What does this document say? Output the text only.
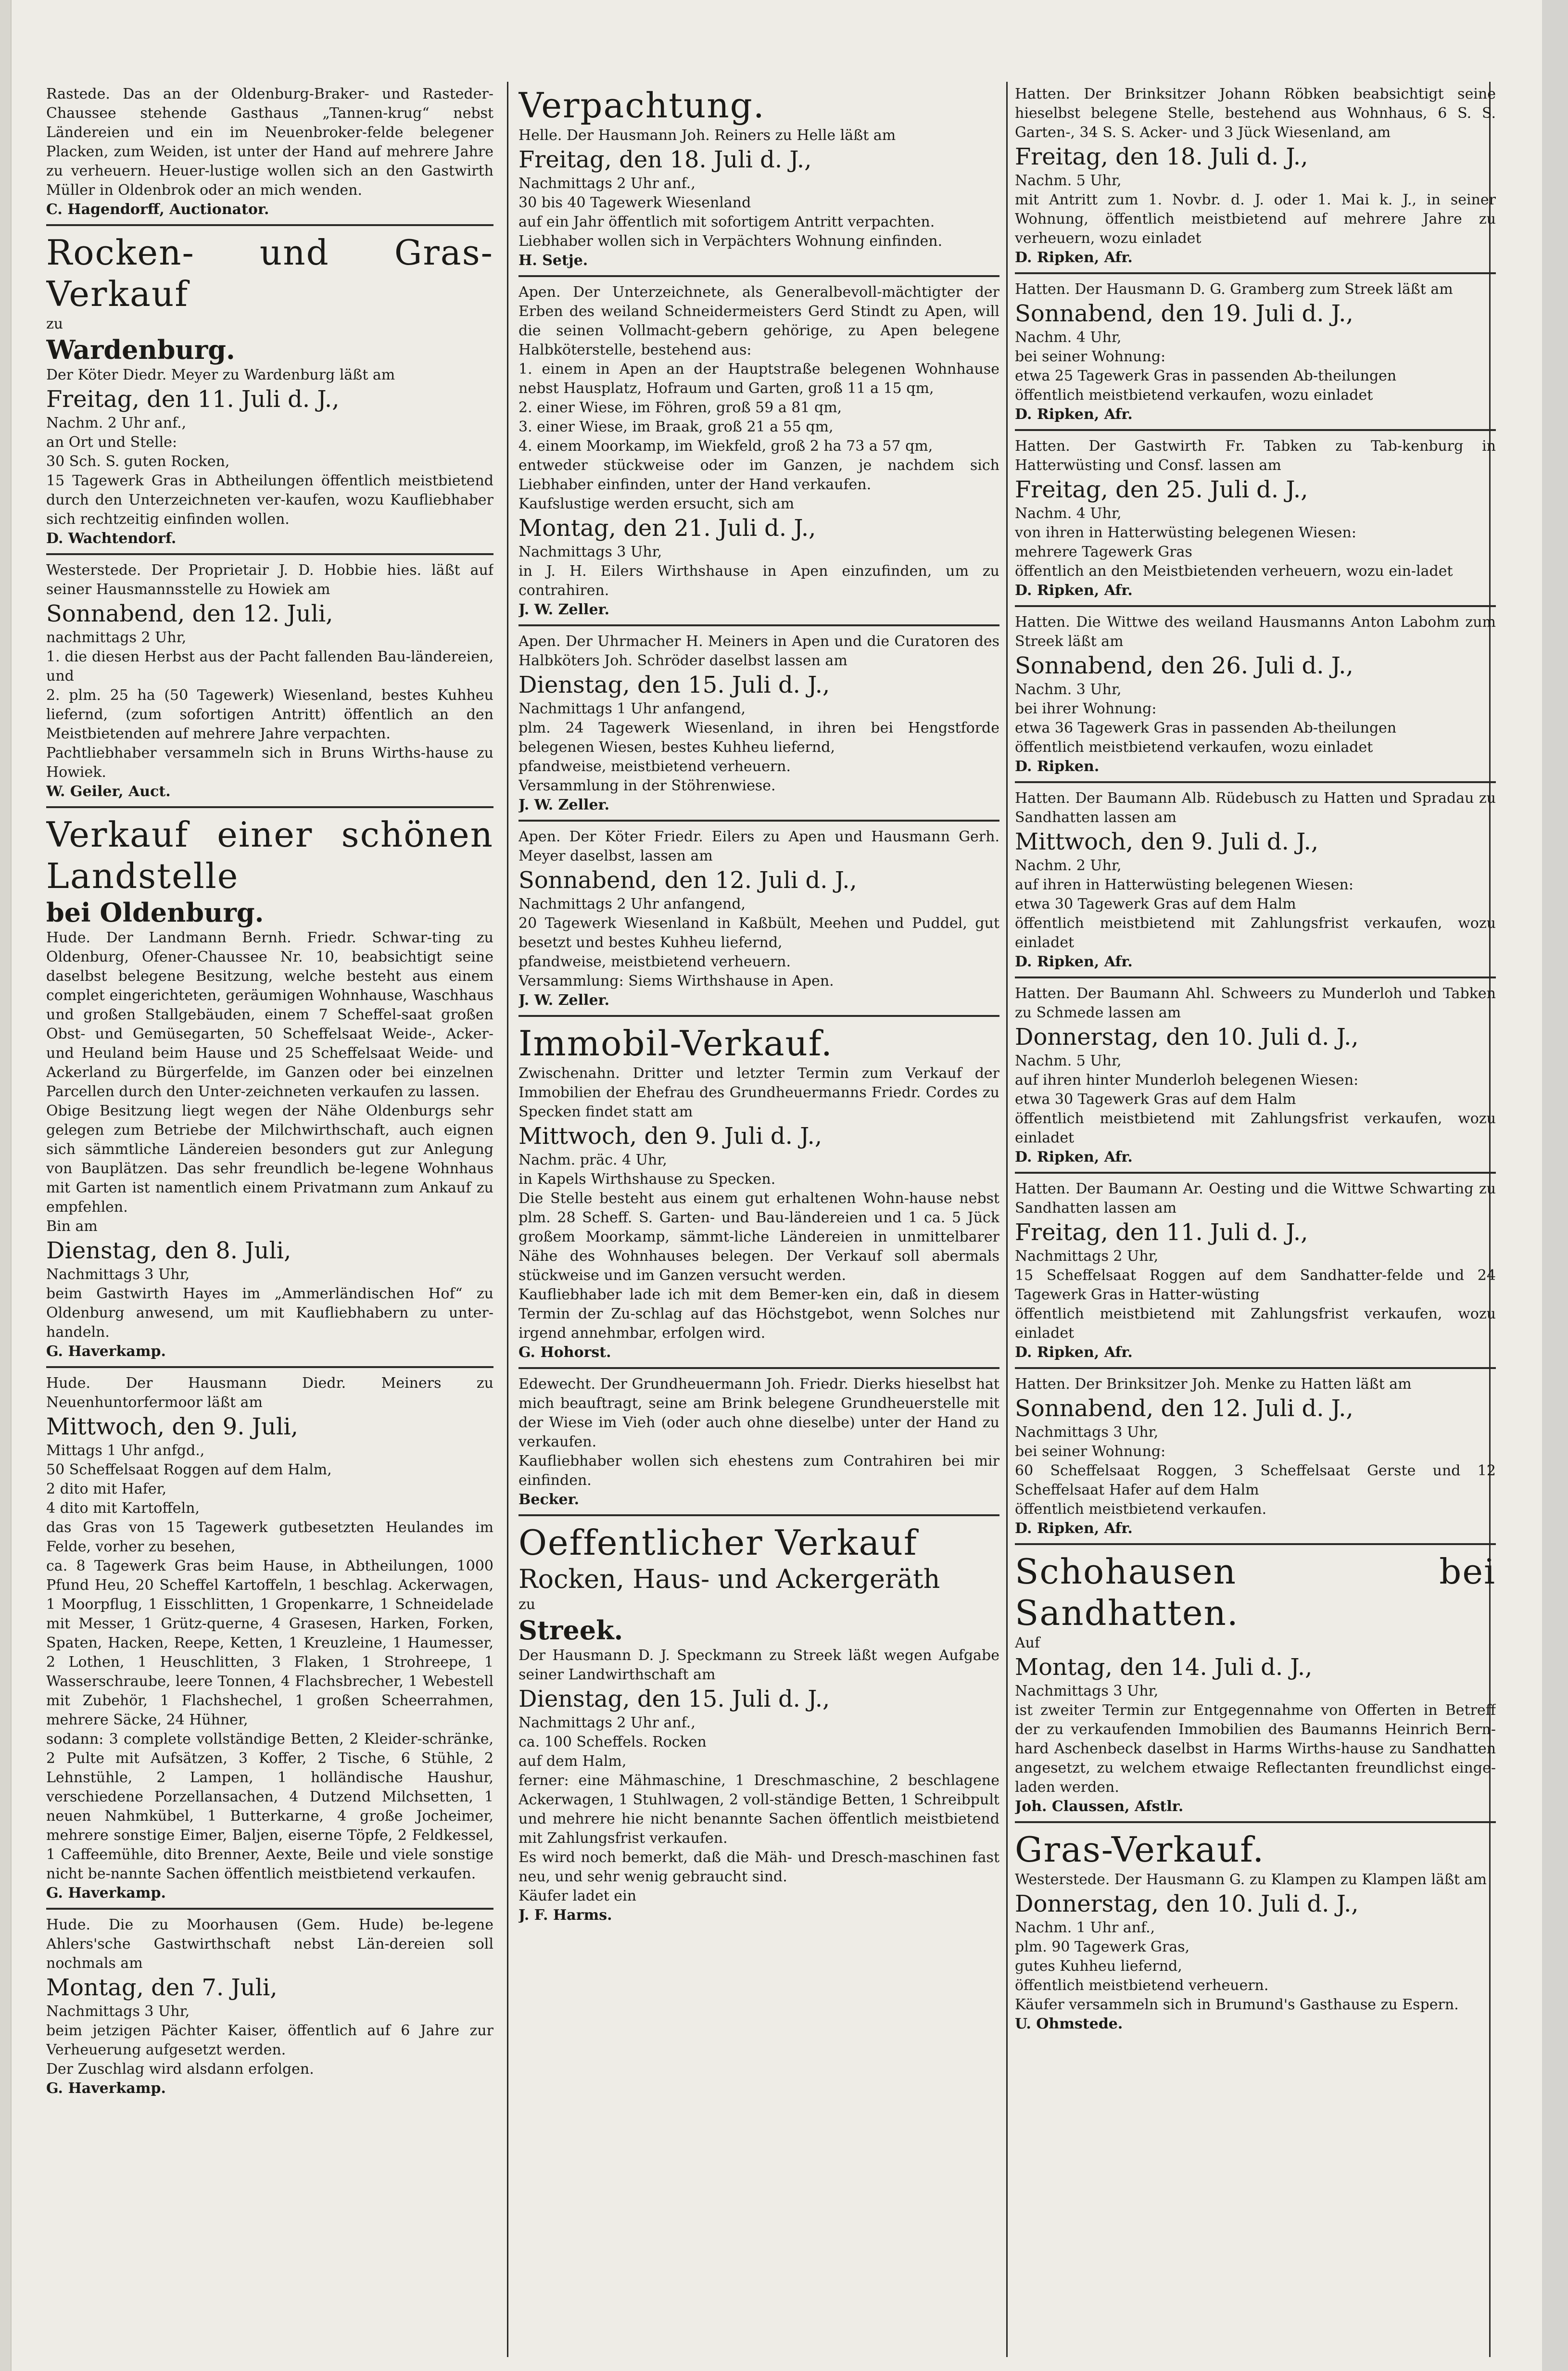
Rastede. Das an der Oldenburg-Braker- und Rasteder-Chaussee stehende Gasthaus „Tannen-krug“ nebst Ländereien und ein im Neuenbroker-felde belegener Placken, zum Weiden, ist unter der Hand auf mehrere Jahre zu verheuern. Heuer-lustige wollen sich an den Gastwirth Müller in Oldenbrok oder an mich wenden.

C. Hagendorff, Auctionator.

Rocken- und Gras-Verkauf

zu

Wardenburg.

Der Köter Diedr. Meyer zu Wardenburg läßt am

Freitag, den 11. Juli d. J.,

Nachm. 2 Uhr anf.,

an Ort und Stelle:

30 Sch. S. guten Rocken,

15 Tagewerk Gras in Abtheilungen öffentlich meistbietend durch den Unterzeichneten ver-kaufen, wozu Kaufliebhaber sich rechtzeitig einfinden wollen.

D. Wachtendorf.

Westerstede. Der Proprietair J. D. Hobbie hies. läßt auf seiner Hausmannsstelle zu Howiek am

Sonnabend, den 12. Juli,

nachmittags 2 Uhr,

1. die diesen Herbst aus der Pacht fallenden Bau-ländereien, und

2. plm. 25 ha (50 Tagewerk) Wiesenland, bestes Kuhheu liefernd, (zum sofortigen Antritt) öffentlich an den Meistbietenden auf mehrere Jahre verpachten.

Pachtliebhaber versammeln sich in Bruns Wirths-hause zu Howiek.

W. Geiler, Auct.

Verkauf einer schönen Landstelle

bei Oldenburg.

Hude. Der Landmann Bernh. Friedr. Schwar-ting zu Oldenburg, Ofener-Chaussee Nr. 10, beabsichtigt seine daselbst belegene Besitzung, welche besteht aus einem complet eingerichteten, geräumigen Wohnhause, Waschhaus und großen Stallgebäuden, einem 7 Scheffel-saat großen Obst- und Gemüsegarten, 50 Scheffelsaat Weide-, Acker- und Heuland beim Hause und 25 Scheffelsaat Weide- und Ackerland zu Bürgerfelde, im Ganzen oder bei einzelnen Parcellen durch den Unter-zeichneten verkaufen zu lassen.

Obige Besitzung liegt wegen der Nähe Oldenburgs sehr gelegen zum Betriebe der Milchwirthschaft, auch eignen sich sämmtliche Ländereien besonders gut zur Anlegung von Bauplätzen. Das sehr freundlich be-legene Wohnhaus mit Garten ist namentlich einem Privatmann zum Ankauf zu empfehlen.

Bin am

Dienstag, den 8. Juli,

Nachmittags 3 Uhr,

beim Gastwirth Hayes im „Ammerländischen Hof“ zu Oldenburg anwesend, um mit Kaufliebhabern zu unter-handeln.

G. Haverkamp.

Hude. Der Hausmann Diedr. Meiners zu Neuenhuntorfermoor läßt am

Mittwoch, den 9. Juli,

Mittags 1 Uhr anfgd.,

50 Scheffelsaat Roggen auf dem Halm,

2 dito mit Hafer,

4 dito mit Kartoffeln,

das Gras von 15 Tagewerk gutbesetzten Heulandes im Felde, vorher zu besehen,

ca. 8 Tagewerk Gras beim Hause, in Abtheilungen, 1000 Pfund Heu, 20 Scheffel Kartoffeln, 1 beschlag. Ackerwagen, 1 Moorpflug, 1 Eisschlitten, 1 Gropenkarre, 1 Schneidelade mit Messer, 1 Grütz-querne, 4 Grasesen, Harken, Forken, Spaten, Hacken, Reepe, Ketten, 1 Kreuzleine, 1 Haumesser, 2 Lothen, 1 Heuschlitten, 3 Flaken, 1 Strohreepe, 1 Wasserschraube, leere Tonnen, 4 Flachsbrecher, 1 Webestell mit Zubehör, 1 Flachshechel, 1 großen Scheerrahmen, mehrere Säcke, 24 Hühner,

sodann: 3 complete vollständige Betten, 2 Kleider-schränke, 2 Pulte mit Aufsätzen, 3 Koffer, 2 Tische, 6 Stühle, 2 Lehnstühle, 2 Lampen, 1 holländische Haushur, verschiedene Porzellansachen, 4 Dutzend Milchsetten, 1 neuen Nahmkübel, 1 Butterkarne, 4 große Jocheimer, mehrere sonstige Eimer, Baljen, eiserne Töpfe, 2 Feldkessel, 1 Caffeemühle, dito Brenner, Aexte, Beile und viele sonstige nicht be-nannte Sachen öffentlich meistbietend verkaufen.

G. Haverkamp.

Hude. Die zu Moorhausen (Gem. Hude) be-legene Ahlers'sche Gastwirthschaft nebst Län-dereien soll nochmals am

Montag, den 7. Juli,

Nachmittags 3 Uhr,

beim jetzigen Pächter Kaiser, öffentlich auf 6 Jahre zur Verheuerung aufgesetzt werden.

Der Zuschlag wird alsdann erfolgen.

G. Haverkamp.

Verpachtung.

Helle. Der Hausmann Joh. Reiners zu Helle läßt am

Freitag, den 18. Juli d. J.,

Nachmittags 2 Uhr anf.,

30 bis 40 Tagewerk Wiesenland

auf ein Jahr öffentlich mit sofortigem Antritt verpachten.

Liebhaber wollen sich in Verpächters Wohnung einfinden.

H. Setje.

Apen. Der Unterzeichnete, als Generalbevoll-mächtigter der Erben des weiland Schneidermeisters Gerd Stindt zu Apen, will die seinen Vollmacht-gebern gehörige, zu Apen belegene Halbköterstelle, bestehend aus:

1. einem in Apen an der Hauptstraße belegenen Wohnhause nebst Hausplatz, Hofraum und Garten, groß 11 a 15 qm,

2. einer Wiese, im Föhren, groß 59 a 81 qm,

3. einer Wiese, im Braak, groß 21 a 55 qm,

4. einem Moorkamp, im Wiekfeld, groß 2 ha 73 a 57 qm,

entweder stückweise oder im Ganzen, je nachdem sich Liebhaber einfinden, unter der Hand verkaufen.

Kaufslustige werden ersucht, sich am

Montag, den 21. Juli d. J.,

Nachmittags 3 Uhr,

in J. H. Eilers Wirthshause in Apen einzufinden, um zu contrahiren.

J. W. Zeller.

Apen. Der Uhrmacher H. Meiners in Apen und die Curatoren des Halbköters Joh. Schröder daselbst lassen am

Dienstag, den 15. Juli d. J.,

Nachmittags 1 Uhr anfangend,

plm. 24 Tagewerk Wiesenland, in ihren bei Hengstforde belegenen Wiesen, bestes Kuhheu liefernd,

pfandweise, meistbietend verheuern.

Versammlung in der Stöhrenwiese.

J. W. Zeller.

Apen. Der Köter Friedr. Eilers zu Apen und Hausmann Gerh. Meyer daselbst, lassen am

Sonnabend, den 12. Juli d. J.,

Nachmittags 2 Uhr anfangend,

20 Tagewerk Wiesenland in Kaßbült, Meehen und Puddel, gut besetzt und bestes Kuhheu liefernd,

pfandweise, meistbietend verheuern.

Versammlung: Siems Wirthshause in Apen.

J. W. Zeller.

Immobil-Verkauf.

Zwischenahn. Dritter und letzter Termin zum Verkauf der Immobilien der Ehefrau des Grundheuermanns Friedr. Cordes zu Specken findet statt am

Mittwoch, den 9. Juli d. J.,

Nachm. präc. 4 Uhr,

in Kapels Wirthshause zu Specken.

Die Stelle besteht aus einem gut erhaltenen Wohn-hause nebst plm. 28 Scheff. S. Garten- und Bau-ländereien und 1 ca. 5 Jück großem Moorkamp, sämmt-liche Ländereien in unmittelbarer Nähe des Wohnhauses belegen. Der Verkauf soll abermals stückweise und im Ganzen versucht werden.

Kaufliebhaber lade ich mit dem Bemer-ken ein, daß in diesem Termin der Zu-schlag auf das Höchstgebot, wenn Solches nur irgend annehmbar, erfolgen wird.

G. Hohorst.

Edewecht. Der Grundheuermann Joh. Friedr. Dierks hieselbst hat mich beauftragt, seine am Brink belegene Grundheuerstelle mit der Wiese im Vieh (oder auch ohne dieselbe) unter der Hand zu verkaufen.

Kaufliebhaber wollen sich ehestens zum Contrahiren bei mir einfinden.

Becker.

Oeffentlicher Verkauf

Rocken, Haus- und Ackergeräth

zu

Streek.

Der Hausmann D. J. Speckmann zu Streek läßt wegen Aufgabe seiner Landwirthschaft am

Dienstag, den 15. Juli d. J.,

Nachmittags 2 Uhr anf.,

ca. 100 Scheffels. Rocken

auf dem Halm,

ferner: eine Mähmaschine, 1 Dreschmaschine, 2 beschlagene Ackerwagen, 1 Stuhlwagen, 2 voll-ständige Betten, 1 Schreibpult und mehrere hie nicht benannte Sachen öffentlich meistbietend mit Zahlungsfrist verkaufen.

Es wird noch bemerkt, daß die Mäh- und Dresch-maschinen fast neu, und sehr wenig gebraucht sind.

Käufer ladet ein

J. F. Harms.

Hatten. Der Brinksitzer Johann Röbken beabsichtigt seine hieselbst belegene Stelle, bestehend aus Wohnhaus, 6 S. S. Garten-, 34 S. S. Acker- und 3 Jück Wiesenland, am

Freitag, den 18. Juli d. J.,

Nachm. 5 Uhr,

mit Antritt zum 1. Novbr. d. J. oder 1. Mai k. J., in seiner Wohnung, öffentlich meistbietend auf mehrere Jahre zu verheuern, wozu einladet

D. Ripken, Afr.

Hatten. Der Hausmann D. G. Gramberg zum Streek läßt am

Sonnabend, den 19. Juli d. J.,

Nachm. 4 Uhr,

bei seiner Wohnung:

etwa 25 Tagewerk Gras in passenden Ab-theilungen

öffentlich meistbietend verkaufen, wozu einladet

D. Ripken, Afr.

Hatten. Der Gastwirth Fr. Tabken zu Tab-kenburg in Hatterwüsting und Consf. lassen am

Freitag, den 25. Juli d. J.,

Nachm. 4 Uhr,

von ihren in Hatterwüsting belegenen Wiesen:

mehrere Tagewerk Gras

öffentlich an den Meistbietenden verheuern, wozu ein-ladet

D. Ripken, Afr.

Hatten. Die Wittwe des weiland Hausmanns Anton Labohm zum Streek läßt am

Sonnabend, den 26. Juli d. J.,

Nachm. 3 Uhr,

bei ihrer Wohnung:

etwa 36 Tagewerk Gras in passenden Ab-theilungen

öffentlich meistbietend verkaufen, wozu einladet

D. Ripken.

Hatten. Der Baumann Alb. Rüdebusch zu Hatten und Spradau zu Sandhatten lassen am

Mittwoch, den 9. Juli d. J.,

Nachm. 2 Uhr,

auf ihren in Hatterwüsting belegenen Wiesen:

etwa 30 Tagewerk Gras auf dem Halm

öffentlich meistbietend mit Zahlungsfrist verkaufen, wozu einladet

D. Ripken, Afr.

Hatten. Der Baumann Ahl. Schweers zu Munderloh und Tabken zu Schmede lassen am

Donnerstag, den 10. Juli d. J.,

Nachm. 5 Uhr,

auf ihren hinter Munderloh belegenen Wiesen:

etwa 30 Tagewerk Gras auf dem Halm

öffentlich meistbietend mit Zahlungsfrist verkaufen, wozu einladet

D. Ripken, Afr.

Hatten. Der Baumann Ar. Oesting und die Wittwe Schwarting zu Sandhatten lassen am

Freitag, den 11. Juli d. J.,

Nachmittags 2 Uhr,

15 Scheffelsaat Roggen auf dem Sandhatter-felde und 24 Tagewerk Gras in Hatter-wüsting

öffentlich meistbietend mit Zahlungsfrist verkaufen, wozu einladet

D. Ripken, Afr.

Hatten. Der Brinksitzer Joh. Menke zu Hatten läßt am

Sonnabend, den 12. Juli d. J.,

Nachmittags 3 Uhr,

bei seiner Wohnung:

60 Scheffelsaat Roggen, 3 Scheffelsaat Gerste und 12 Scheffelsaat Hafer auf dem Halm

öffentlich meistbietend verkaufen.

D. Ripken, Afr.

Schohausen bei Sandhatten.

Auf

Montag, den 14. Juli d. J.,

Nachmittags 3 Uhr,

ist zweiter Termin zur Entgegennahme von Offerten in Betreff der zu verkaufenden Immobilien des Baumanns Heinrich Bern-hard Aschenbeck daselbst in Harms Wirths-hause zu Sandhatten angesetzt, zu welchem etwaige Reflectanten freundlichst einge-laden werden.

Joh. Claussen, Afstlr.

Gras-Verkauf.

Westerstede. Der Hausmann G. zu Klampen zu Klampen läßt am

Donnerstag, den 10. Juli d. J.,

Nachm. 1 Uhr anf.,

plm. 90 Tagewerk Gras,

gutes Kuhheu liefernd,

öffentlich meistbietend verheuern.

Käufer versammeln sich in Brumund's Gasthause zu Espern.

U. Ohmstede.
